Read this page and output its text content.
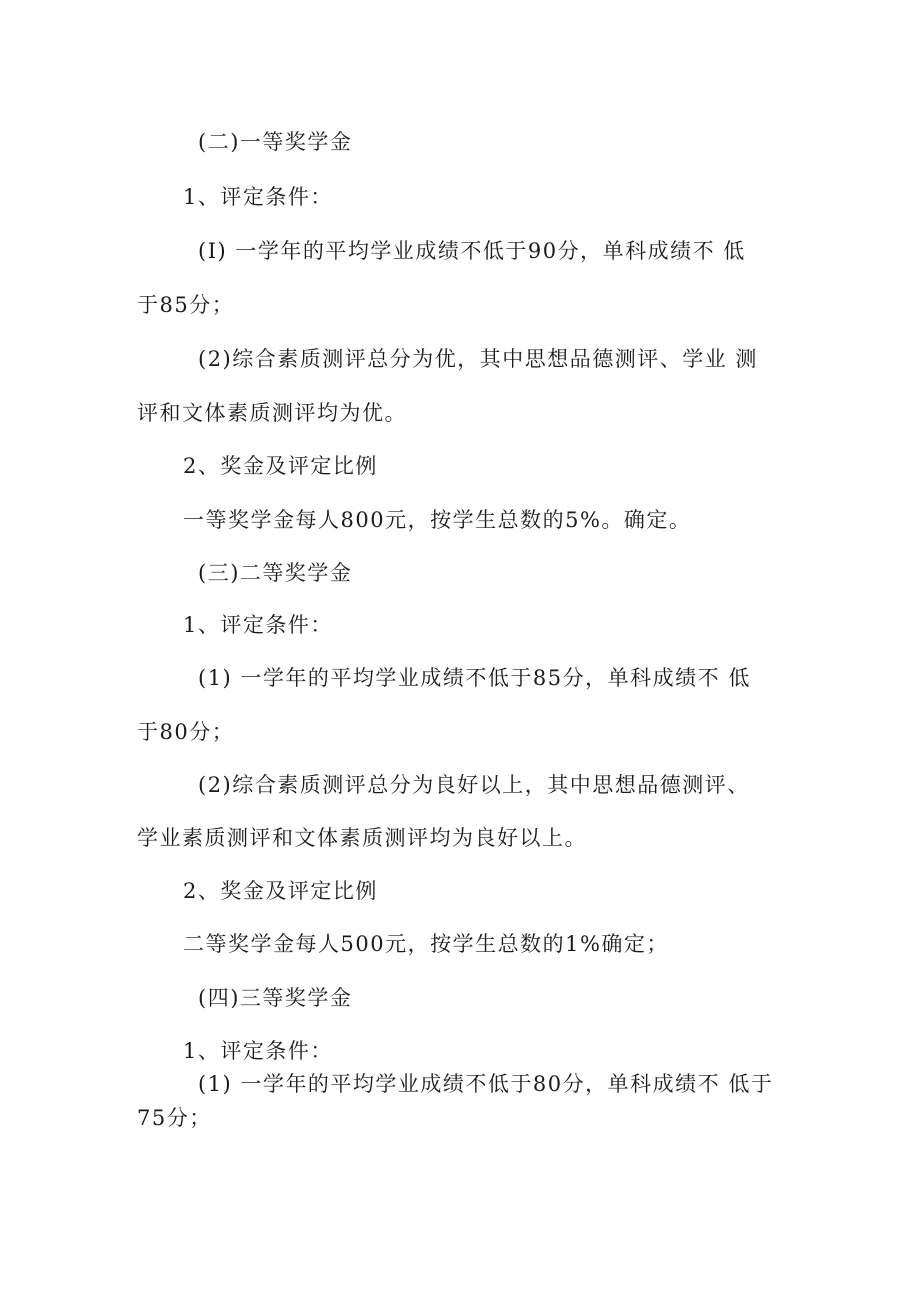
(二)一等奖学金

1、评定条件：

(I) 一学年的平均学业成绩不低于90分，单科成绩不 低

于85分；

(2)综合素质测评总分为优，其中思想品德测评、学业 测

评和文体素质测评均为优。

2、奖金及评定比例

一等奖学金每人800元，按学生总数的5%。确定。

(三)二等奖学金

1、评定条件：

(1) 一学年的平均学业成绩不低于85分，单科成绩不 低

于80分；

(2)综合素质测评总分为良好以上，其中思想品德测评、

学业素质测评和文体素质测评均为良好以上。

2、奖金及评定比例

二等奖学金每人500元，按学生总数的1%确定；

(四)三等奖学金

1、评定条件：

(1) 一学年的平均学业成绩不低于80分，单科成绩不 低于

75分；
